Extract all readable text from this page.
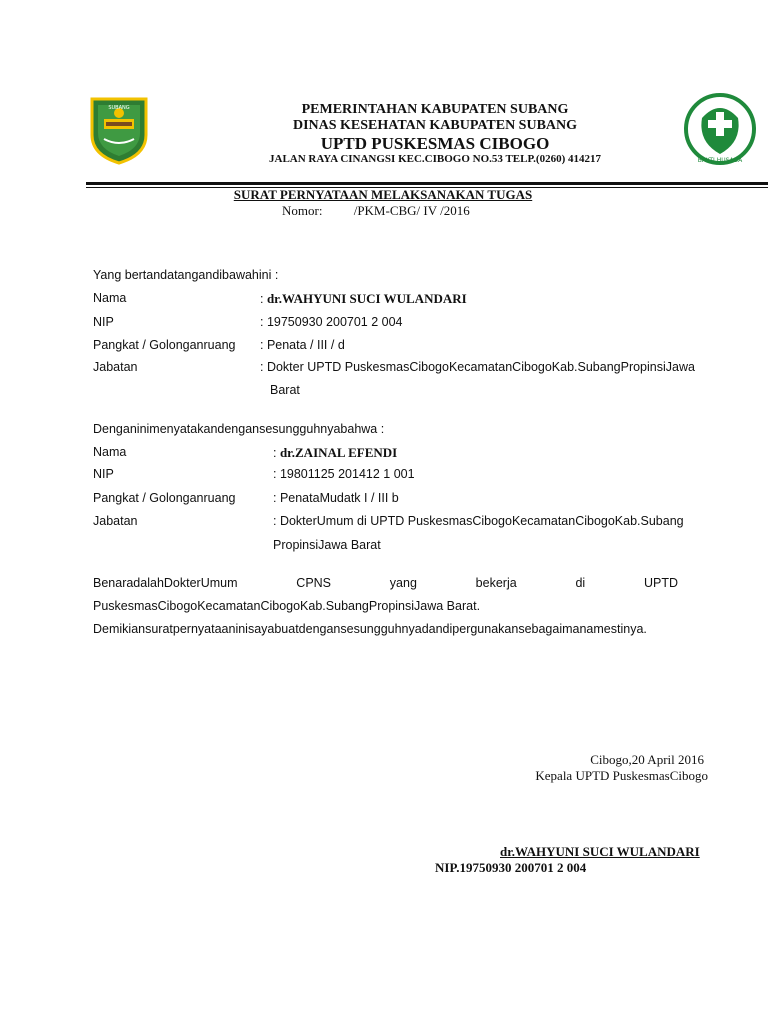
SUBANG
BAKTI HUSADA
PEMERINTAHAN KABUPATEN SUBANG
DINAS KESEHATAN KABUPATEN SUBANG
UPTD PUSKESMAS CIBOGO
JALAN RAYA CINANGSI KEC.CIBOGO NO.53 TELP.(0260) 414217
SURAT PERNYATAAN MELAKSANAKAN TUGAS
Nomor: /PKM-CBG/ IV /2016
Yang bertandatangandibawahini :
Nama	: dr.WAHYUNI SUCI WULANDARI
NIP	: 19750930 200701 2 004
Pangkat / Golonganruang : Penata / III / d
Jabatan	: Dokter UPTD PuskesmasCibogoKecamatanCibogoKab.SubangPropinsiJawa
Barat
Denganinimenyatakandengansesungguhnyabahwa :
Nama	: dr.ZAINAL EFENDI
NIP	: 19801125 201412 1 001
Pangkat / Golonganruang	: PenataMudatk I / III b
Jabatan	: DokterUmum di UPTD PuskesmasCibogoKecamatanCibogoKab.Subang
PropinsiJawa Barat
BenaradalahDokterUmum CPNS yang bekerja di UPTD
PuskesmasCibogoKecamatanCibogoKab.SubangPropinsiJawa Barat.
Demikiansuratpernyataaninisayabuatdengansesungguhnyadandipergunakansebagaimanamestinya.
Cibogo,20 April 2016
Kepala UPTD PuskesmasCibogo
dr.WAHYUNI SUCI WULANDARI
NIP.19750930 200701 2 004
